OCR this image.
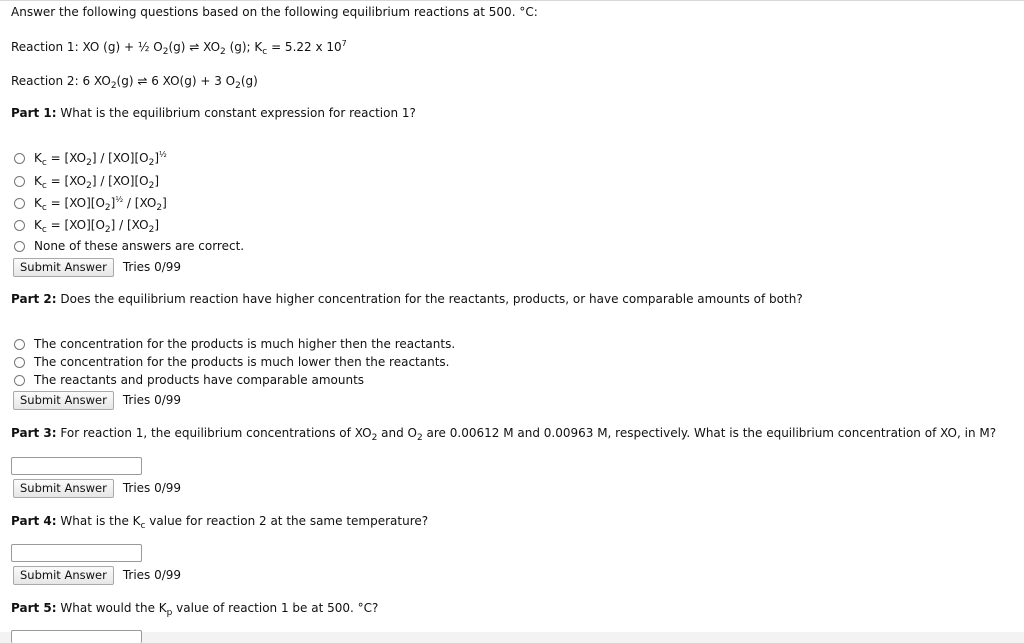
Answer the following questions based on the following equilibrium reactions at 500. °C:
Reaction 1: XO (g) + ½ $O_2(g)$ ⇌ $XO_2$ (g); $K_c = 5.22$ x $10^7$
Reaction 2: 6 $XO_2(g)$ ⇌ 6 XO(g) + 3 $O_2(g)$
Part 1: What is the equilibrium constant expression for reaction 1?
$K_c = [XO_2] / [XO][O_2]^{\frac{1}{2}}$
$K_c = [XO_2] / [XO][O_2]$
$K_c = [XO][O_2]^{\frac{1}{2}} / [XO_2]$
$K_c = [XO][O_2] / [XO_2]$
None of these answers are correct.
Submit Answer	Tries 0/99
Part 2: Does the equilibrium reaction have higher concentration for the reactants, products, or have comparable amounts of both?
The concentration for the products is much higher then the reactants.
The concentration for the products is much lower then the reactants.
The reactants and products have comparable amounts
Submit Answer	Tries 0/99
Part 3: For reaction 1, the equilibrium concentrations of $XO_2$ and $O_2$ are 0.00612 M and 0.00963 M, respectively. What is the equilibrium concentration of XO, in M?
Submit Answer	Tries 0/99
Part 4: What is the $K_c$ value for reaction 2 at the same temperature?
Submit Answer	Tries 0/99
Part 5: What would the $K_p$ value of reaction 1 be at 500. °C?
